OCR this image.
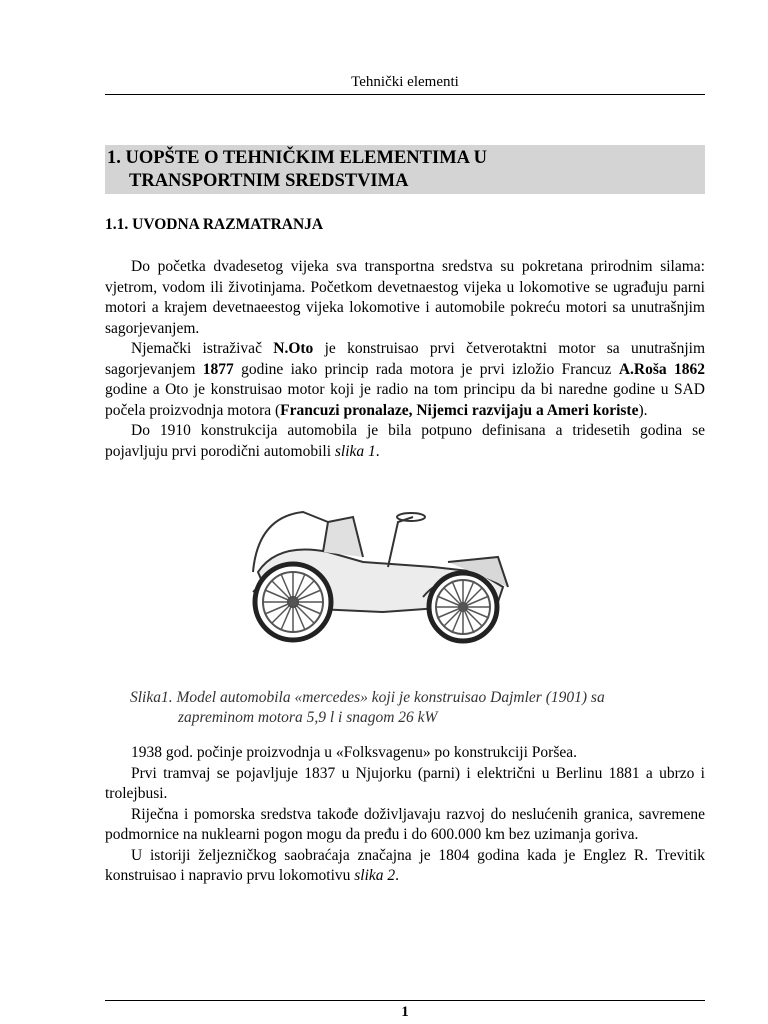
Tehnički elementi
1. UOPŠTE O TEHNIČKIM ELEMENTIMA U
TRANSPORTNIM SREDSTVIMA
1.1. UVODNA RAZMATRANJA

Do početka dvadesetog vijeka sva transportna sredstva su pokretana prirodnim silama: vjetrom, vodom ili životinjama. Početkom devetnaestog vijeka u lokomotive se ugrađuju parni motori a krajem devetnaeestog vijeka lokomotive i automobile pokreću motori sa unutrašnjim sagorjevanjem.

Njemački istraživač N.Oto je konstruisao prvi četverotaktni motor sa unutrašnjim sagorjevanjem 1877 godine iako princip rada motora je prvi izložio Francuz A.Roša 1862 godine a Oto je konstruisao motor koji je radio na tom principu da bi naredne godine u SAD počela proizvodnja motora (Francuzi pronalaze, Nijemci razvijaju a Ameri koriste).

Do 1910 konstrukcija automobila je bila potpuno definisana a tridesetih godina se pojavljuju prvi porodični automobili slika 1.

Slika1. Model automobila «mercedes» koji je konstruisao Dajmler (1901) sa
zapreminom motora 5,9 l i snagom 26 kW

1938 god. počinje proizvodnja u «Folksvagenu» po konstrukciji Poršea.

Prvi tramvaj se pojavljuje 1837 u Njujorku (parni) i električni u Berlinu 1881 a ubrzo i trolejbusi.

Riječna i pomorska sredstva takođe doživljavaju razvoj do neslućenih granica, savremene podmornice na nuklearni pogon mogu da pređu i do 600.000 km bez uzimanja goriva.

U istoriji željezničkog saobraćaja značajna je 1804 godina kada je Englez R. Trevitik konstruisao i napravio prvu lokomotivu slika 2.

1
